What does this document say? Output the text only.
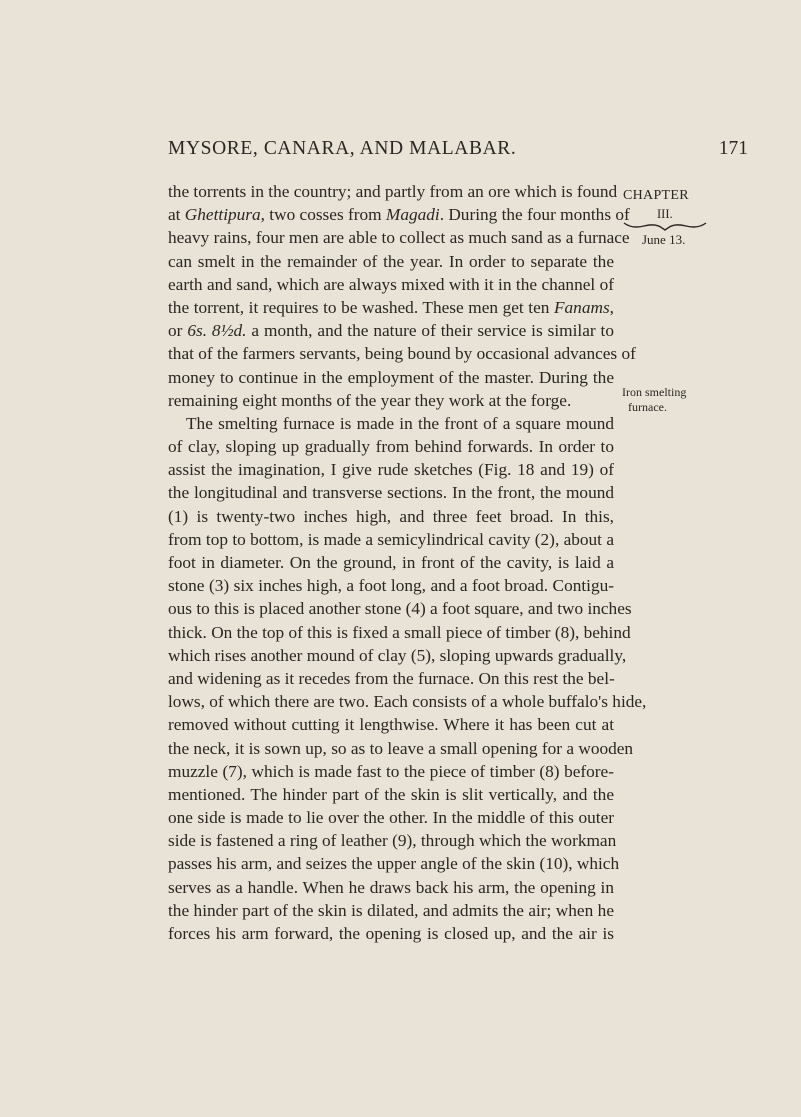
MYSORE, CANARA, AND MALABAR.	171
the torrents in the country; and partly from an ore which is found
at Ghettipura, two cosses from Magadi. During the four months of
heavy rains, four men are able to collect as much sand as a furnace
can smelt in the remainder of the year. In order to separate the
earth and sand, which are always mixed with it in the channel of
the torrent, it requires to be washed. These men get ten Fanams,
or 6s. 8½d. a month, and the nature of their service is similar to
that of the farmers servants, being bound by occasional advances of
money to continue in the employment of the master. During the
remaining eight months of the year they work at the forge.
The smelting furnace is made in the front of a square mound
of clay, sloping up gradually from behind forwards. In order to
assist the imagination, I give rude sketches (Fig. 18 and 19) of
the longitudinal and transverse sections. In the front, the mound
(1) is twenty-two inches high, and three feet broad. In this,
from top to bottom, is made a semicylindrical cavity (2), about a
foot in diameter. On the ground, in front of the cavity, is laid a
stone (3) six inches high, a foot long, and a foot broad. Contigu-
ous to this is placed another stone (4) a foot square, and two inches
thick. On the top of this is fixed a small piece of timber (8), behind
which rises another mound of clay (5), sloping upwards gradually,
and widening as it recedes from the furnace. On this rest the bel-
lows, of which there are two. Each consists of a whole buffalo's hide,
removed without cutting it lengthwise. Where it has been cut at
the neck, it is sown up, so as to leave a small opening for a wooden
muzzle (7), which is made fast to the piece of timber (8) before-
mentioned. The hinder part of the skin is slit vertically, and the
one side is made to lie over the other. In the middle of this outer
side is fastened a ring of leather (9), through which the workman
passes his arm, and seizes the upper angle of the skin (10), which
serves as a handle. When he draws back his arm, the opening in
the hinder part of the skin is dilated, and admits the air; when he
forces his arm forward, the opening is closed up, and the air is
CHAPTER
III.
June 13.
Iron smelting
furnace.
